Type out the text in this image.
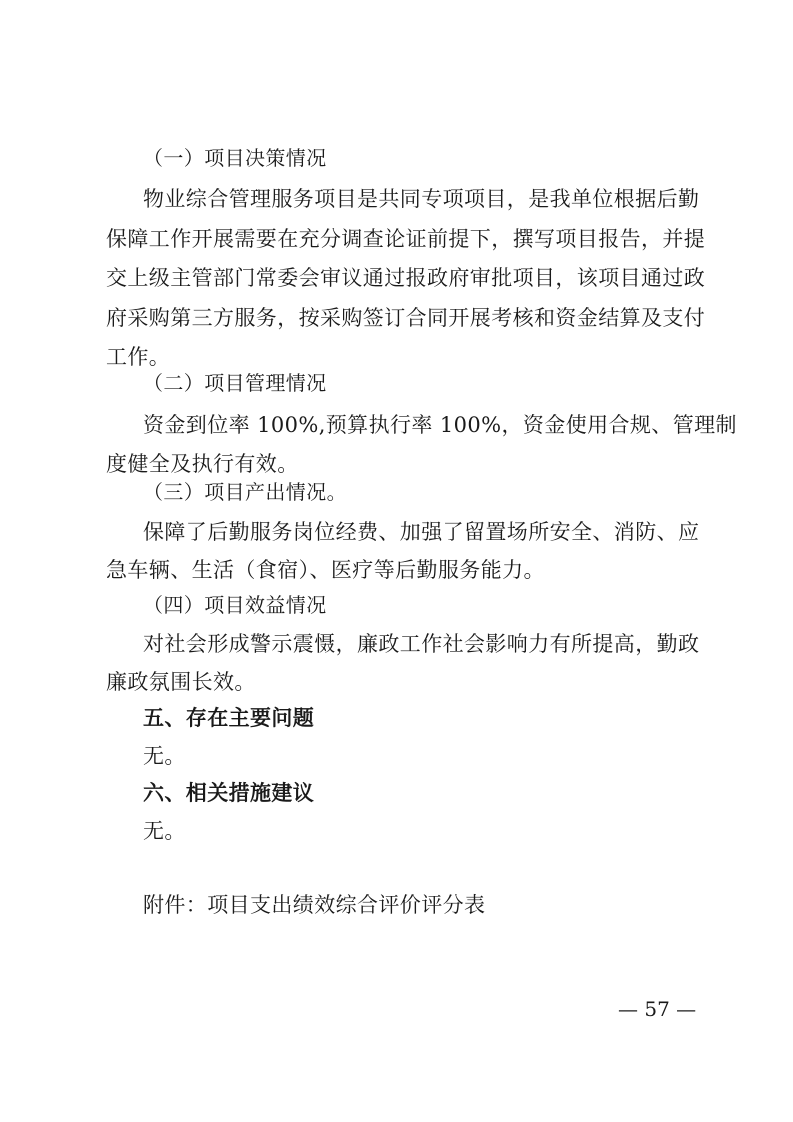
（一）项目决策情况
物业综合管理服务项目是共同专项项目，是我单位根据后勤
保障工作开展需要在充分调查论证前提下，撰写项目报告，并提
交上级主管部门常委会审议通过报政府审批项目，该项目通过政
府采购第三方服务，按采购签订合同开展考核和资金结算及支付
工作。
（二）项目管理情况
资金到位率 100%,预算执行率 100%，资金使用合规、管理制
度健全及执行有效。
（三）项目产出情况。
保障了后勤服务岗位经费、加强了留置场所安全、消防、应
急车辆、生活（食宿）、医疗等后勤服务能力。
（四）项目效益情况
对社会形成警示震慑，廉政工作社会影响力有所提高，勤政
廉政氛围长效。
五、存在主要问题
无。
六、相关措施建议
无。
附件：项目支出绩效综合评价评分表
— 57 —
